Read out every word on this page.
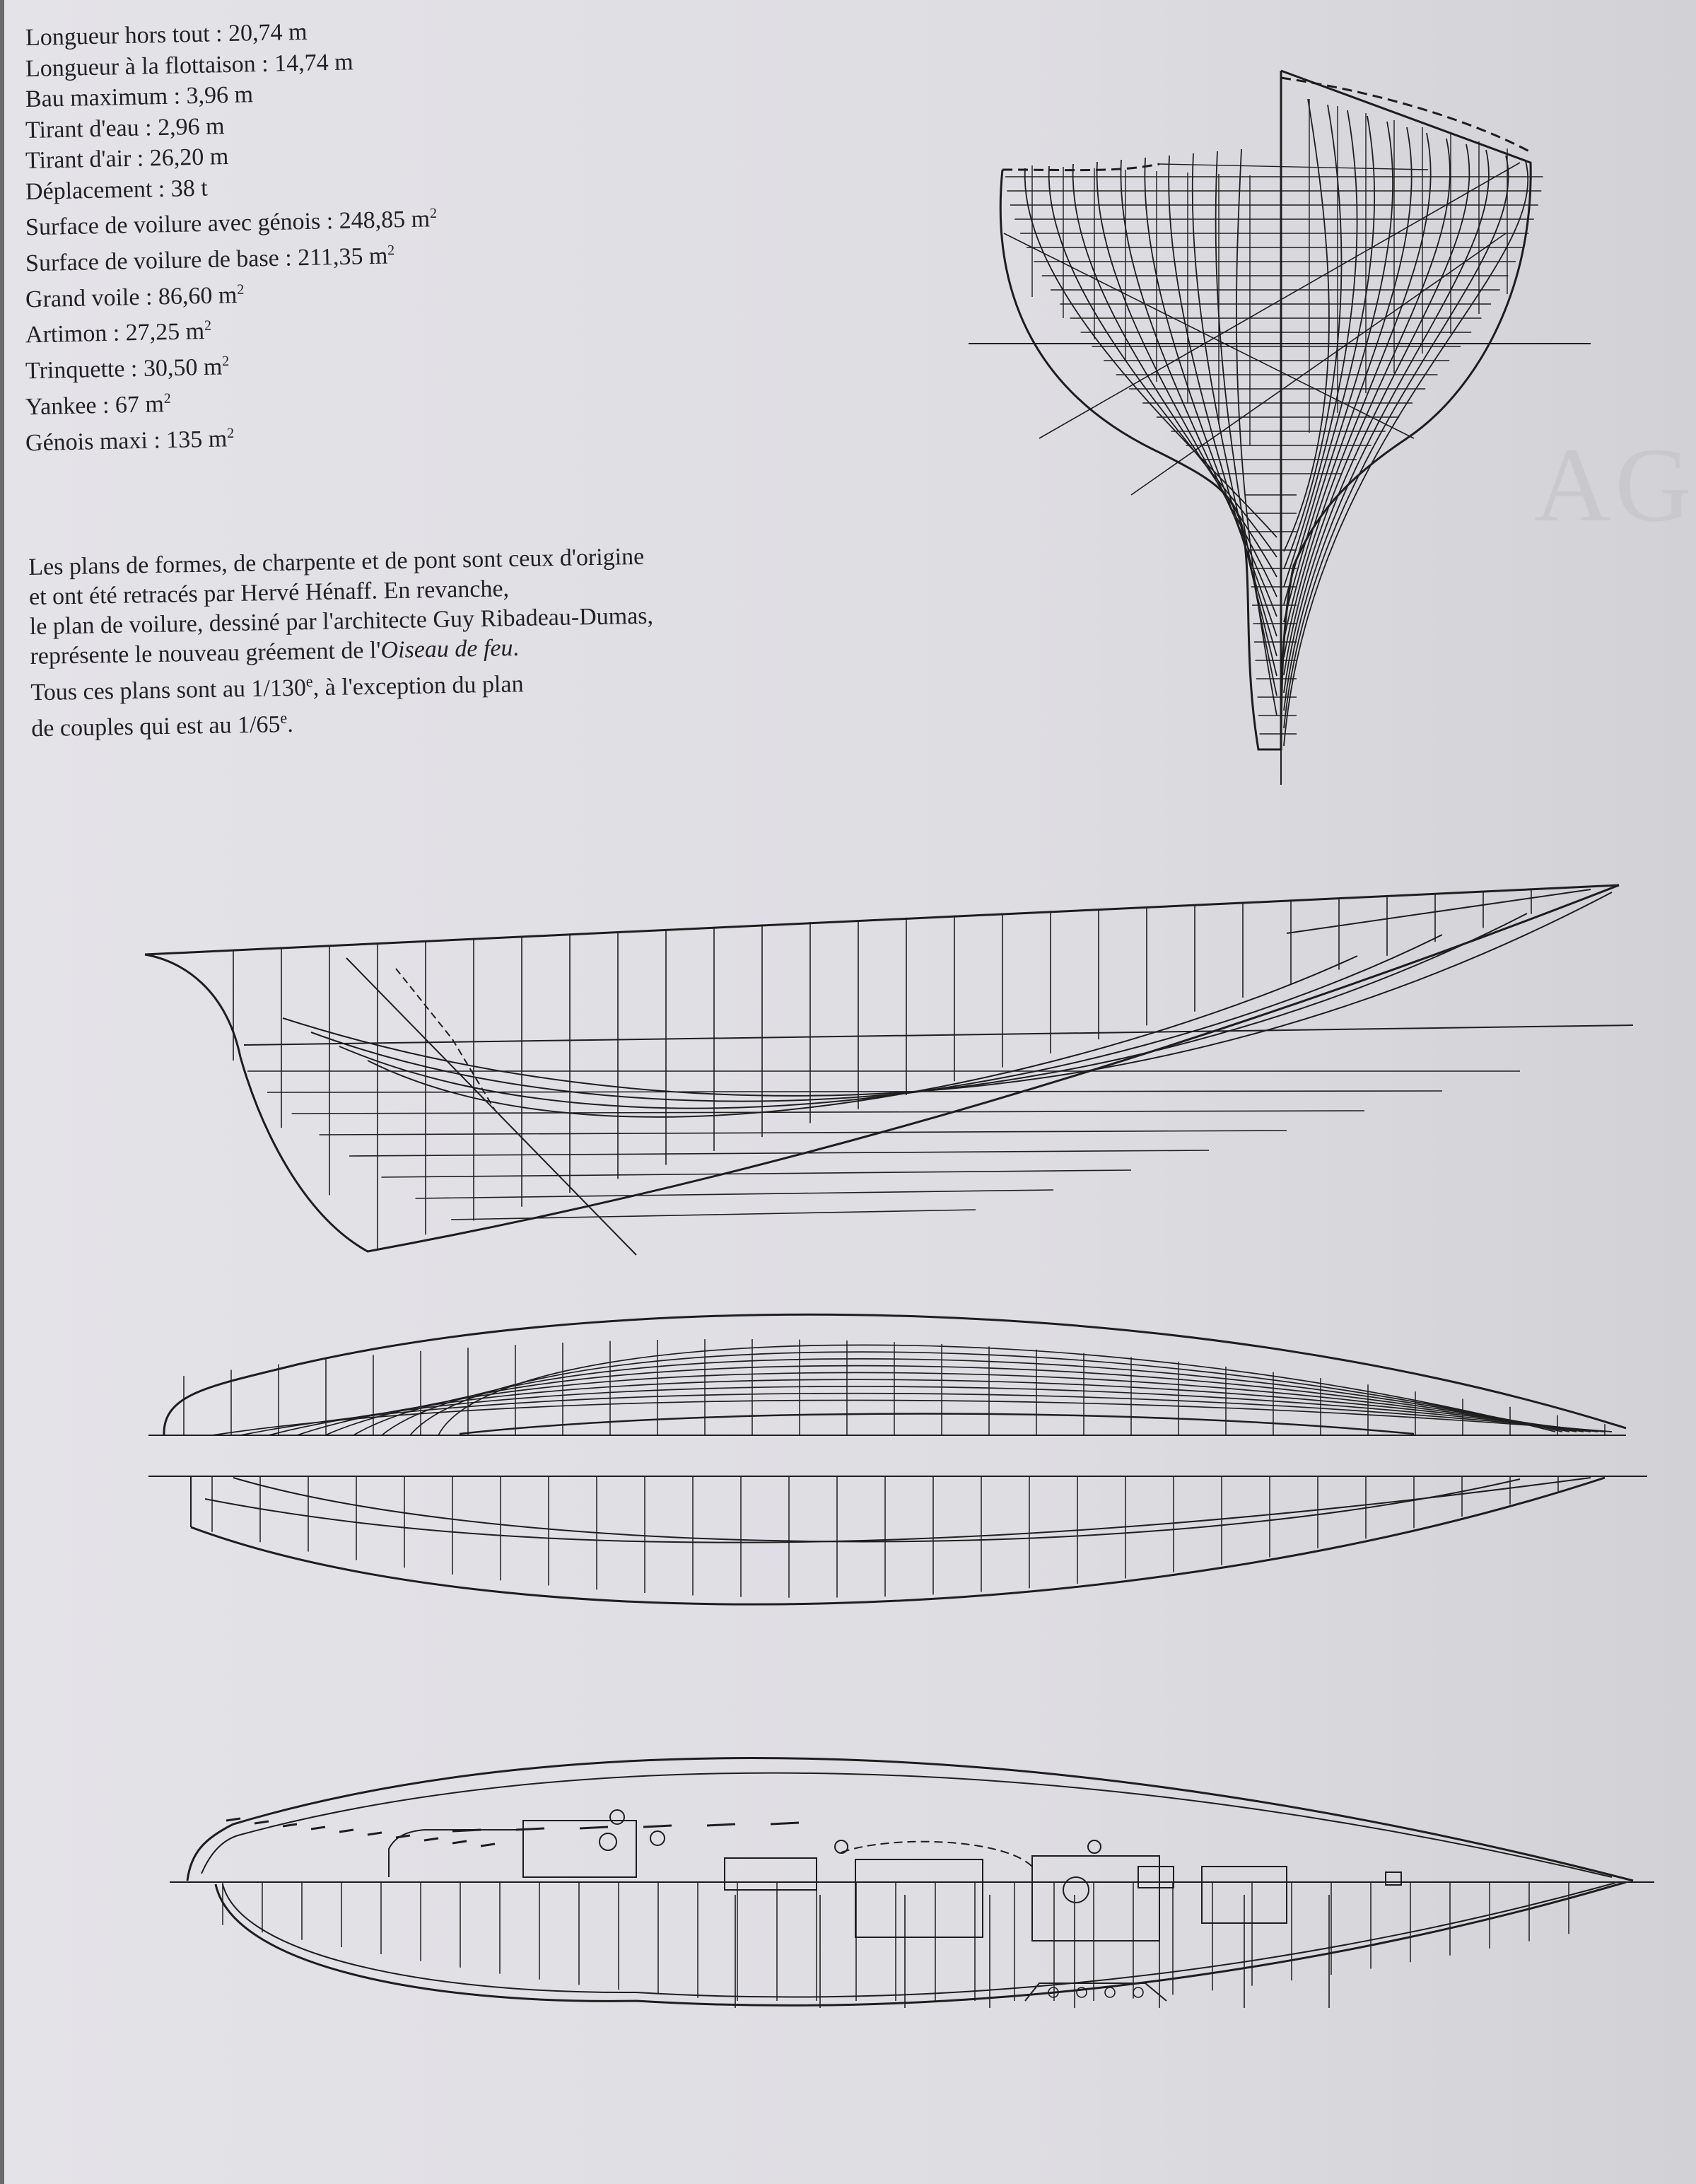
AG
Longueur hors tout : 20,74 m
Longueur à la flottaison : 14,74 m
Bau maximum : 3,96 m
Tirant d'eau : 2,96 m
Tirant d'air : 26,20 m
Déplacement : 38 t
Surface de voilure avec génois : 248,85 $m^2$
Surface de voilure de base : 211,35 $m^2$
Grand voile : 86,60 $m^2$
Artimon : 27,25 $m^2$
Trinquette : 30,50 $m^2$
Yankee : 67 $m^2$
Génois maxi : 135 $m^2$
Les plans de formes, de charpente et de pont sont ceux d'origine
et ont été retracés par Hervé Hénaff. En revanche,
le plan de voilure, dessiné par l'architecte Guy Ribadeau-Dumas,
représente le nouveau gréement de l'Oiseau de feu.
Tous ces plans sont au 1/130e, à l'exception du plan
de couples qui est au 1/65e.
